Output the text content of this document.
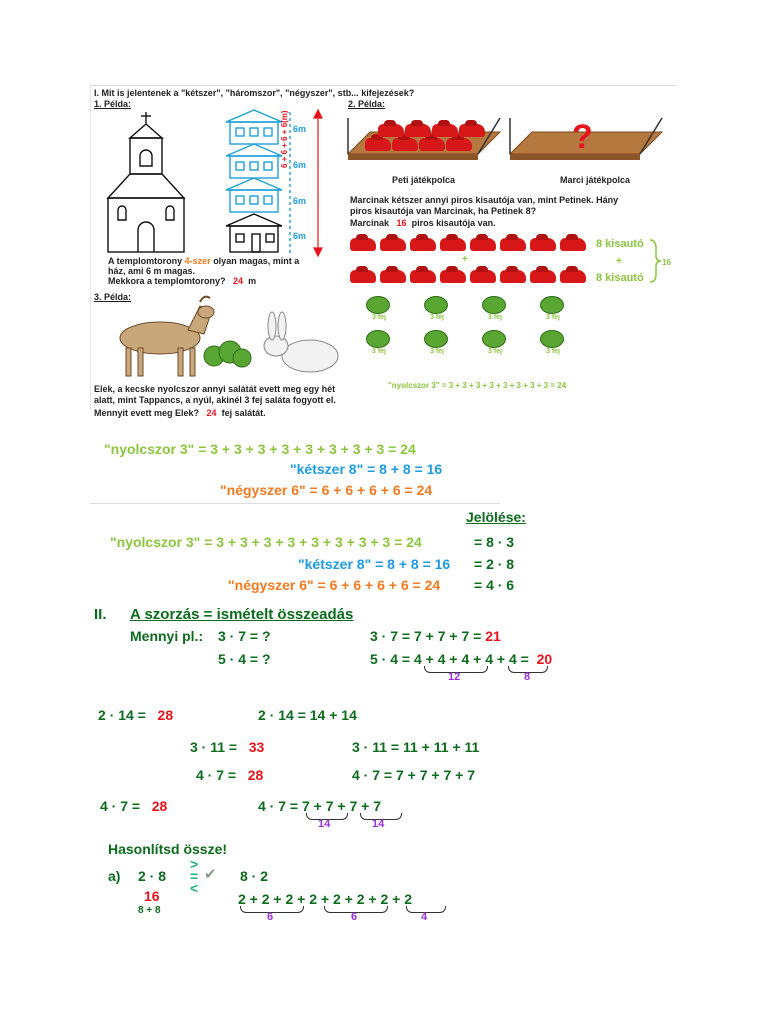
I. Mit is jelentenek a "kétszer", "háromszor", "négyszer", stb... kifejezések?
1. Példa:	2. Példa:
6m
6m
6m
6m
6 + 6 + 6 + 6(m)
A templomtorony 4-szer olyan magas, mint a
ház, ami 6 m magas.
Mekkora a templomtorony? 24 m
?
Peti játékpolca	Marci játékpolca
Marcinak kétszer annyi piros kisautója van, mint Petinek. Hány
piros kisautója van Marcinak, ha Petinek 8?
Marcinak 16 piros kisautója van.
+
8 kisautó
+
8 kisautó
16
3. Példa:
3 fej	3 fej	3 fej	3 fej
3 fej	3 fej	3 fej	3 fej
Elek, a kecske nyolcszor annyi salátát evett meg egy hét
alatt, mint Tappancs, a nyúl, akinél 3 fej saláta fogyott el.
Mennyit evett meg Elek? 24 fej salátát.
"nyolcszor 3" = 3 + 3 + 3 + 3 + 3 + 3 + 3 + 3 = 24
"nyolcszor 3" = 3 + 3 + 3 + 3 + 3 + 3 + 3 + 3 = 24
"kétszer 8" = 8 + 8 = 16
"négyszer 6" = 6 + 6 + 6 + 6 = 24
Jelölése:
"nyolcszor 3" = 3 + 3 + 3 + 3 + 3 + 3 + 3 + 3 = 24	= 8 · 3
"kétszer 8" = 8 + 8 = 16 = 2 · 8
"négyszer 6" = 6 + 6 + 6 + 6 = 24 = 4 · 6
II. A szorzás = ismételt összeadás
Mennyi pl.: 3 · 7 = ?
5 · 4 = ?
3 · 7 = 7 + 7 + 7 = 21
5 · 4 = 4 + 4 + 4 + 4 + 4 = 20
12	8
2 · 14 = 28	2 · 14 = 14 + 14
3 · 11 = 33	3 · 11 = 11 + 11 + 11
4 · 7 = 28	4 · 7 = 7 + 7 + 7 + 7
4 · 7 = 28	4 · 7 = 7 + 7 + 7 + 7
14	14
Hasonlítsd össze!
a) 2 · 8
16
8 + 8
>
=
<
✔ 8 · 2
2 + 2 + 2 + 2 + 2 + 2 + 2 + 2
6	6	4
